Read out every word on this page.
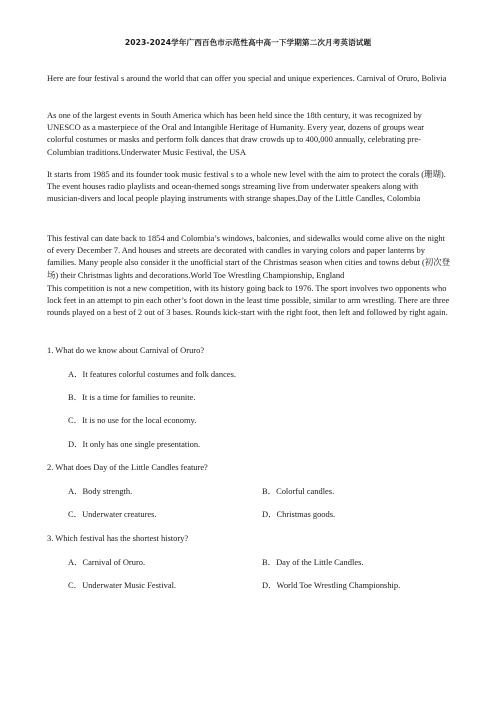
2023-2024学年广西百色市示范性高中高一下学期第二次月考英语试题
Here are four festival s around the world that can offer you special and unique experiences. Carnival of Oruro, Bolivia
As one of the largest events in South America which has been held since the 18th century, it was recognized by UNESCO as a masterpiece of the Oral and Intangible Heritage of Humanity. Every year, dozens of groups wear colorful costumes or masks and perform folk dances that draw crowds up to 400,000 annually, celebrating pre-Columbian traditions.Underwater Music Festival, the USA
It starts from 1985 and its founder took music festival s to a whole new level with the aim to protect the corals (珊瑚). The event houses radio playlists and ocean-themed songs streaming live from underwater speakers along with musician-divers and local people playing instruments with strange shapes.Day of the Little Candles, Colombia
This festival can date back to 1854 and Colombia’s windows, balconies, and sidewalks would come alive on the night of every December 7. And houses and streets are decorated with candles in varying colors and paper lanterns by families. Many people also consider it the unofficial start of the Christmas season when cities and towns debut (初次登场) their Christmas lights and decorations.World Toe Wrestling Championship, England
This competition is not a new competition, with its history going back to 1976. The sport involves two opponents who lock feet in an attempt to pin each other’s foot down in the least time possible, similar to arm wrestling. There are three rounds played on a best of 2 out of 3 bases. Rounds kick-start with the right foot, then left and followed by right again.
1. What do we know about Carnival of Oruro?
A．It features colorful costumes and folk dances.
B．It is a time for families to reunite.
C．It is no use for the local economy.
D．It only has one single presentation.
2. What does Day of the Little Candles feature?
A．Body strength.	B．Colorful candles.
C．Underwater creatures.	D．Christmas goods.
3. Which festival has the shortest history?
A．Carnival of Oruro.	B．Day of the Little Candles.
C．Underwater Music Festival.	D．World Toe Wrestling Championship.
